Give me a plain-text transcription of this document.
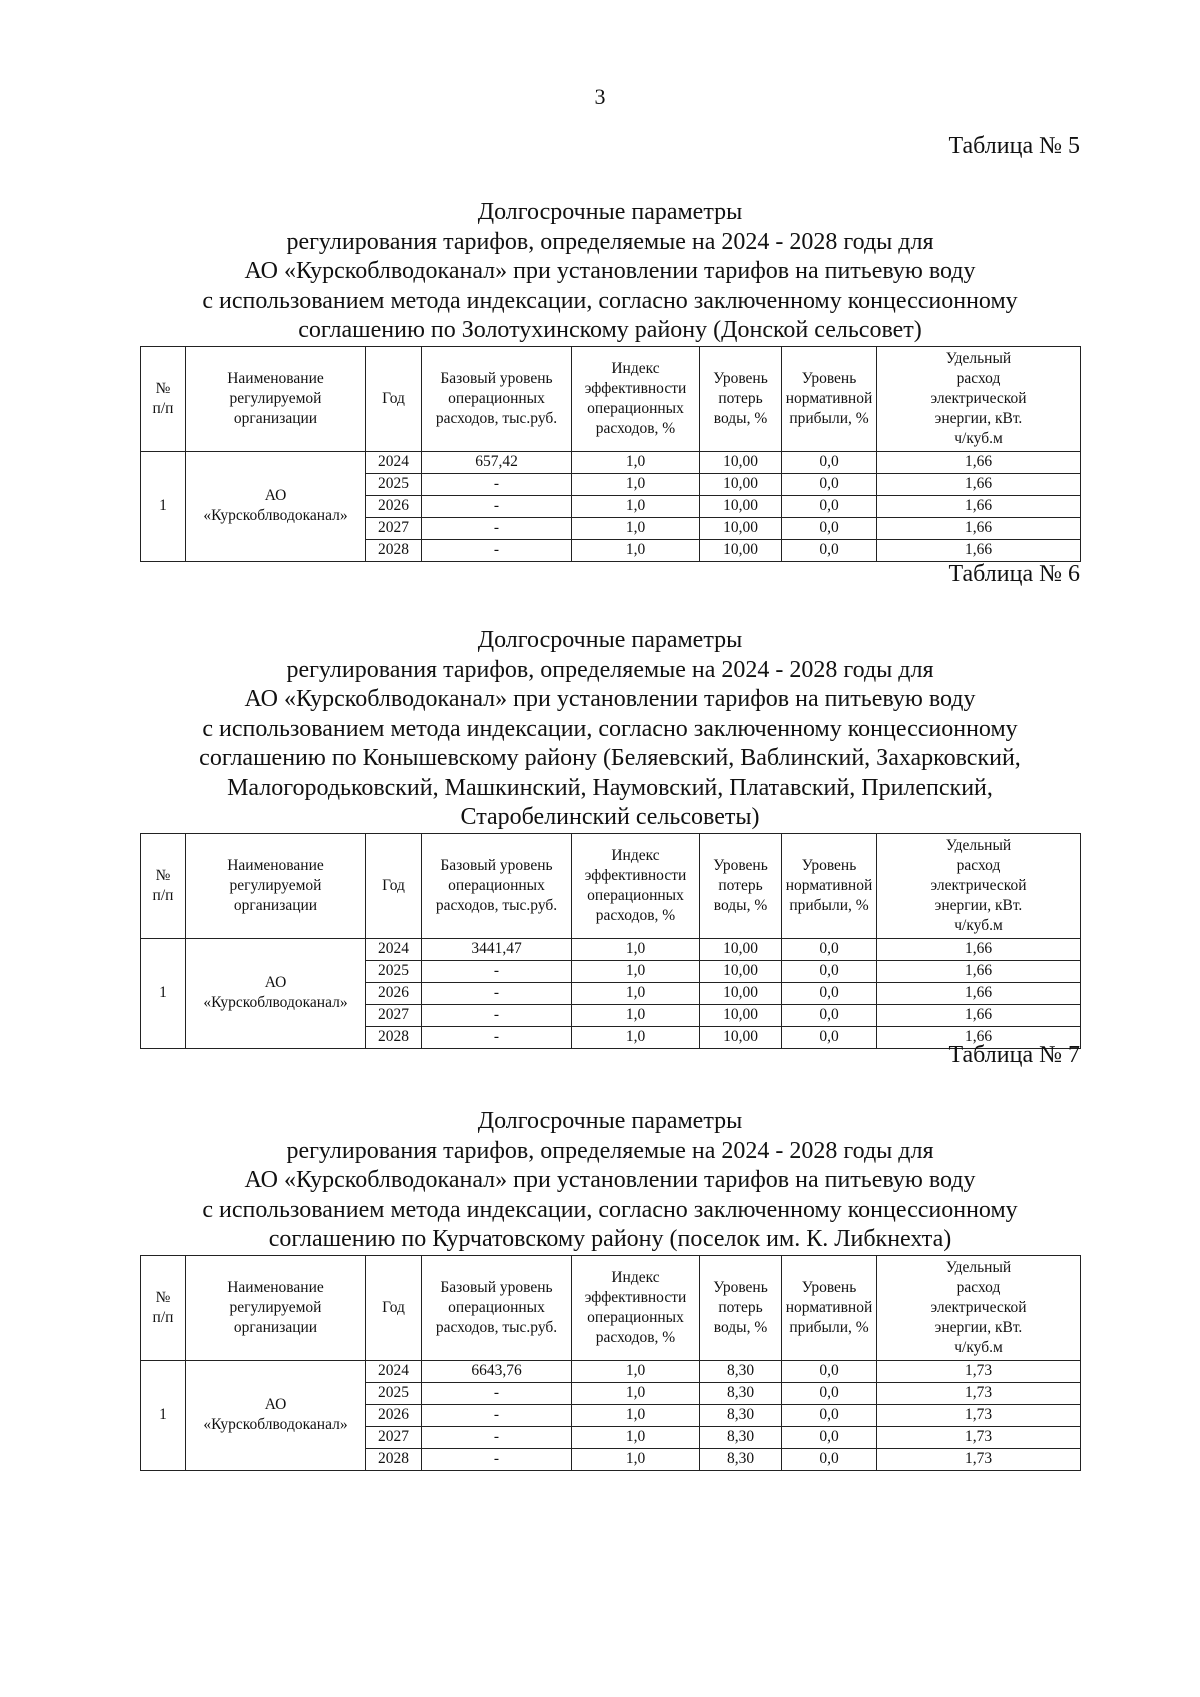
3
Таблица № 5
Долгосрочные параметры
регулирования тарифов, определяемые на 2024 - 2028 годы для
АО «Курскоблводоканал» при установлении тарифов на питьевую воду
с использованием метода индексации, согласно заключенному концессионному
соглашению по Золотухинскому району (Донской сельсовет)
№
п/п	Наименование
регулируемой
организации	Год	Базовый уровень
операционных
расходов, тыс.руб.	Индекс
эффективности
операционных
расходов, %	Уровень
потерь
воды, %	Уровень
нормативной
прибыли, %	Удельный
расход
электрической
энергии, кВт.
ч/куб.м

1	АО
«Курскоблводоканал»	2024	657,42	1,0	10,00	0,0	1,66
		2025	-	1,0	10,00	0,0	1,66
		2026	-	1,0	10,00	0,0	1,66
		2027	-	1,0	10,00	0,0	1,66
		2028	-	1,0	10,00	0,0	1,66
Таблица № 6
Долгосрочные параметры
регулирования тарифов, определяемые на 2024 - 2028 годы для
АО «Курскоблводоканал» при установлении тарифов на питьевую воду
с использованием метода индексации, согласно заключенному концессионному
соглашению по Конышевскому району (Беляевский, Ваблинский, Захарковский,
Малогородьковский, Машкинский, Наумовский, Платавский, Прилепский,
Старобелинский сельсоветы)
№
п/п	Наименование
регулируемой
организации	Год	Базовый уровень
операционных
расходов, тыс.руб.	Индекс
эффективности
операционных
расходов, %	Уровень
потерь
воды, %	Уровень
нормативной
прибыли, %	Удельный
расход
электрической
энергии, кВт.
ч/куб.м

1	АО
«Курскоблводоканал»	2024	3441,47	1,0	10,00	0,0	1,66
		2025	-	1,0	10,00	0,0	1,66
		2026	-	1,0	10,00	0,0	1,66
		2027	-	1,0	10,00	0,0	1,66
		2028	-	1,0	10,00	0,0	1,66
Таблица № 7
Долгосрочные параметры
регулирования тарифов, определяемые на 2024 - 2028 годы для
АО «Курскоблводоканал» при установлении тарифов на питьевую воду
с использованием метода индексации, согласно заключенному концессионному
соглашению по Курчатовскому району (поселок им. К. Либкнехта)
№
п/п	Наименование
регулируемой
организации	Год	Базовый уровень
операционных
расходов, тыс.руб.	Индекс
эффективности
операционных
расходов, %	Уровень
потерь
воды, %	Уровень
нормативной
прибыли, %	Удельный
расход
электрической
энергии, кВт.
ч/куб.м

1	АО
«Курскоблводоканал»	2024	6643,76	1,0	8,30	0,0	1,73
		2025	-	1,0	8,30	0,0	1,73
		2026	-	1,0	8,30	0,0	1,73
		2027	-	1,0	8,30	0,0	1,73
		2028	-	1,0	8,30	0,0	1,73
